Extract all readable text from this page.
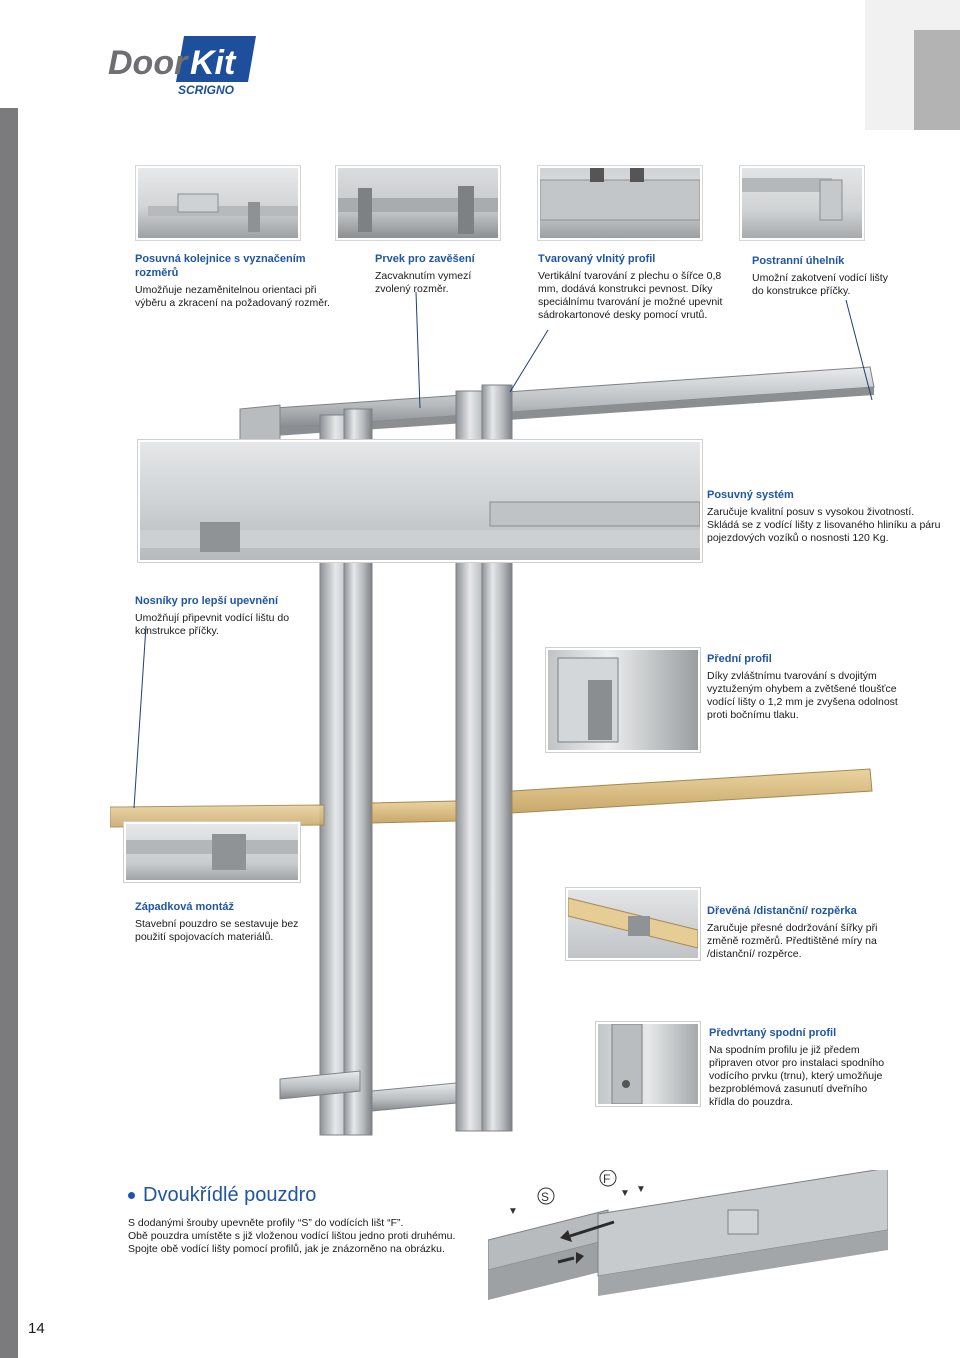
Door Kit
SCRIGNO

Posuvná kolejnice s vyznačením rozměrů

Umožňuje nezaměnitelnou orientaci při výběru a zkracení na požadovaný rozměr.

Prvek pro zavěšení

Zacvaknutím vymezí zvolený rozměr.

Tvarovaný vlnitý profil

Vertikální tvarování z plechu o šířce 0,8 mm, dodává konstrukci pevnost. Díky speciálnímu tvarování je možné upevnit sádrokartonové desky pomocí vrutů.

Postranní úhelník

Umožní zakotvení vodící lišty do konstrukce příčky.

Posuvný systém

Zaručuje kvalitní posuv s vysokou životností. Skládá se z vodící lišty z lisovaného hliníku a páru pojezdových vozíků o nosnosti 120 Kg.

Nosníky pro lepší upevnění

Umožňují připevnit vodící lištu do konstrukce příčky.

Přední profil

Díky zvláštnímu tvarování s dvojitým vyztuženým ohybem a zvětšené tloušťce vodící lišty o 1,2 mm je zvyšena odolnost proti bočnímu tlaku.

Západková montáž

Stavební pouzdro se sestavuje bez použití spojovacích materiálů.

Dřevěná /distanční/ rozpěrka

Zaručuje přesné dodržování šířky při změně rozměrů. Předtištěné míry na /distanční/ rozpěrce.

Předvrtaný spodní profil

Na spodním profilu je již předem připraven otvor pro instalaci spodního vodícího prvku (trnu), který umožňuje bezproblémová zasunutí dveřního křídla do pouzdra.

Dvoukřídlé pouzdro
S dodanými šrouby upevněte profily “S” do vodících lišt “F”.
Obě pouzdra umístěte s již vloženou vodící lištou jedno proti druhému.
Spojte obě vodící lišty pomocí profilů, jak je znázorněno na obrázku.
S
F
▼
▼ ▼
14
